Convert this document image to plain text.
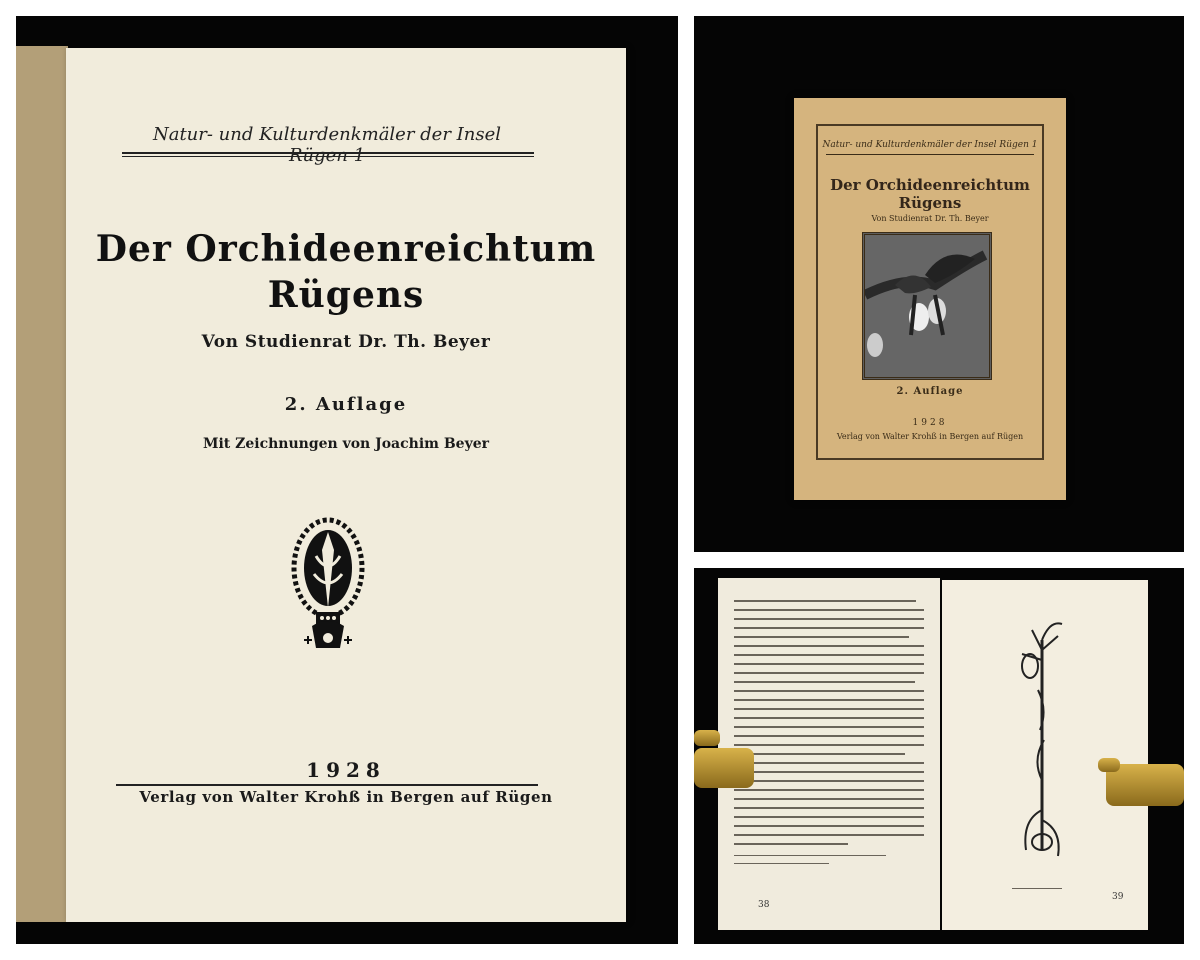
Natur- und Kulturdenkmäler der Insel
Der Orchideenreichtum
Rügens
Von Studienrat Dr. Th. Beyer
2. Auflage
Mit Zeichnungen von Joachim Beyer
1928
Verlag von Walter Krohß in Bergen auf Rügen
Natur- und Kulturdenkmäler der Insel Rügen 1
Der Orchideenreichtum
Rügens
Von Studienrat Dr. Th. Beyer
2. Auflage
1928
Verlag von Walter Krohß in Bergen auf Rügen
38
39
